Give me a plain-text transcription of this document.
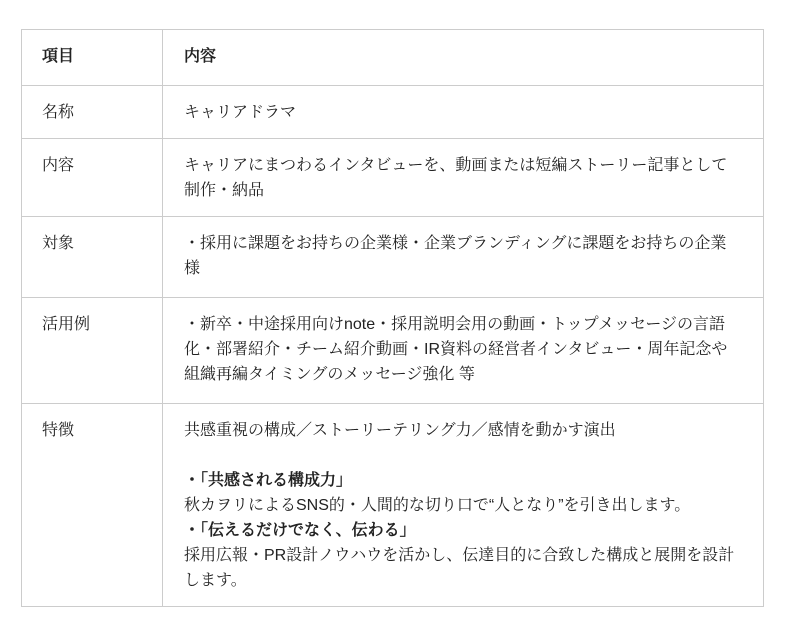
項目	内容
名称	キャリアドラマ
内容	キャリアにまつわるインタビューを、動画または短編ストーリー記事として制作・納品
対象	・採用に課題をお持ちの企業様・企業ブランディングに課題をお持ちの企業様
活用例	・新卒・中途採用向けnote・採用説明会用の動画・トップメッセージの言語化・部署紹介・チーム紹介動画・IR資料の経営者インタビュー・周年記念や組織再編タイミングのメッセージ強化 等
特徴	共感重視の構成／ストーリーテリング力／感情を動かす演出
・「共感される構成力」
秋カヲリによるSNS的・人間的な切り口で“人となり”を引き出します。
・「伝えるだけでなく、伝わる」
採用広報・PR設計ノウハウを活かし、伝達目的に合致した構成と展開を設計します。
